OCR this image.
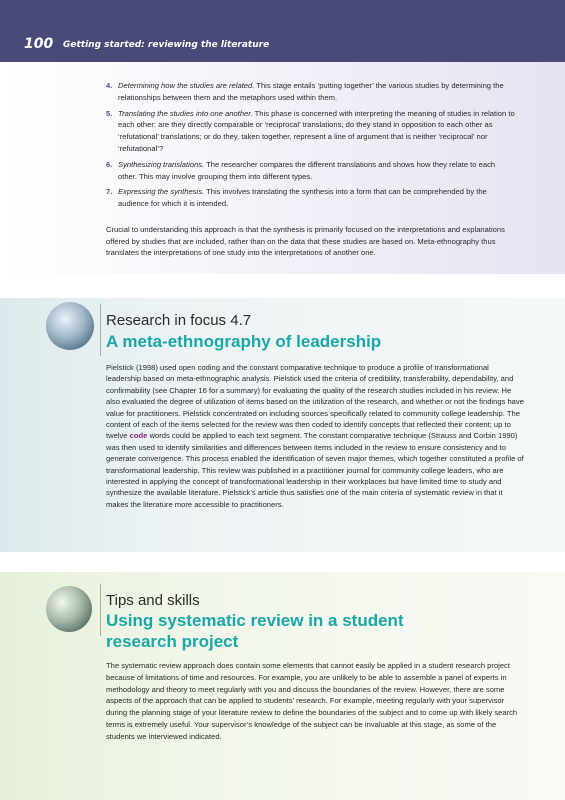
100 Getting started: reviewing the literature
4. Determining how the studies are related. This stage entails ‘putting together’ the various studies by determining the relationships between them and the metaphors used within them.
5. Translating the studies into one another. This phase is concerned with interpreting the meaning of studies in relation to each other: are they directly comparable or ‘reciprocal’ translations; do they stand in opposition to each other as ‘refutational’ translations; or do they, taken together, represent a line of argument that is neither ‘reciprocal’ nor ‘refutational’?
6. Synthesizing translations. The researcher compares the different translations and shows how they relate to each other. This may involve grouping them into different types.
7. Expressing the synthesis. This involves translating the synthesis into a form that can be comprehended by the audience for which it is intended.

Crucial to understanding this approach is that the synthesis is primarily focused on the interpretations and explanations offered by studies that are included, rather than on the data that these studies are based on. Meta-ethnography thus translates the interpretations of one study into the interpretations of another one.

Research in focus 4.7
A meta-ethnography of leadership

Pielstick (1998) used open coding and the constant comparative technique to produce a profile of transformational leadership based on meta-ethnographic analysis. Pielstick used the criteria of credibility, transferability, dependability, and confirmability (see Chapter 16 for a summary) for evaluating the quality of the research studies included in his review. He also evaluated the degree of utilization of items based on the utilization of the research, and whether or not the findings have value for practitioners. Pielstick concentrated on including sources specifically related to community college leadership. The content of each of the items selected for the review was then coded to identify concepts that reflected their content; up to twelve code words could be applied to each text segment. The constant comparative technique (Strauss and Corbin 1990) was then used to identify similarities and differences between items included in the review to ensure consistency and to generate convergence. This process enabled the identification of seven major themes, which together constituted a profile of transformational leadership. This review was published in a practitioner journal for community college leaders, who are interested in applying the concept of transformational leadership in their workplaces but have limited time to study and synthesize the available literature. Pielstick’s article thus satisfies one of the main criteria of systematic review in that it makes the literature more accessible to practitioners.

Tips and skills
Using systematic review in a student research project

The systematic review approach does contain some elements that cannot easily be applied in a student research project because of limitations of time and resources. For example, you are unlikely to be able to assemble a panel of experts in methodology and theory to meet regularly with you and discuss the boundaries of the review. However, there are some aspects of the approach that can be applied to students’ research. For example, meeting regularly with your supervisor during the planning stage of your literature review to define the boundaries of the subject and to come up with likely search terms is extremely useful. Your supervisor’s knowledge of the subject can be invaluable at this stage, as some of the students we interviewed indicated.
